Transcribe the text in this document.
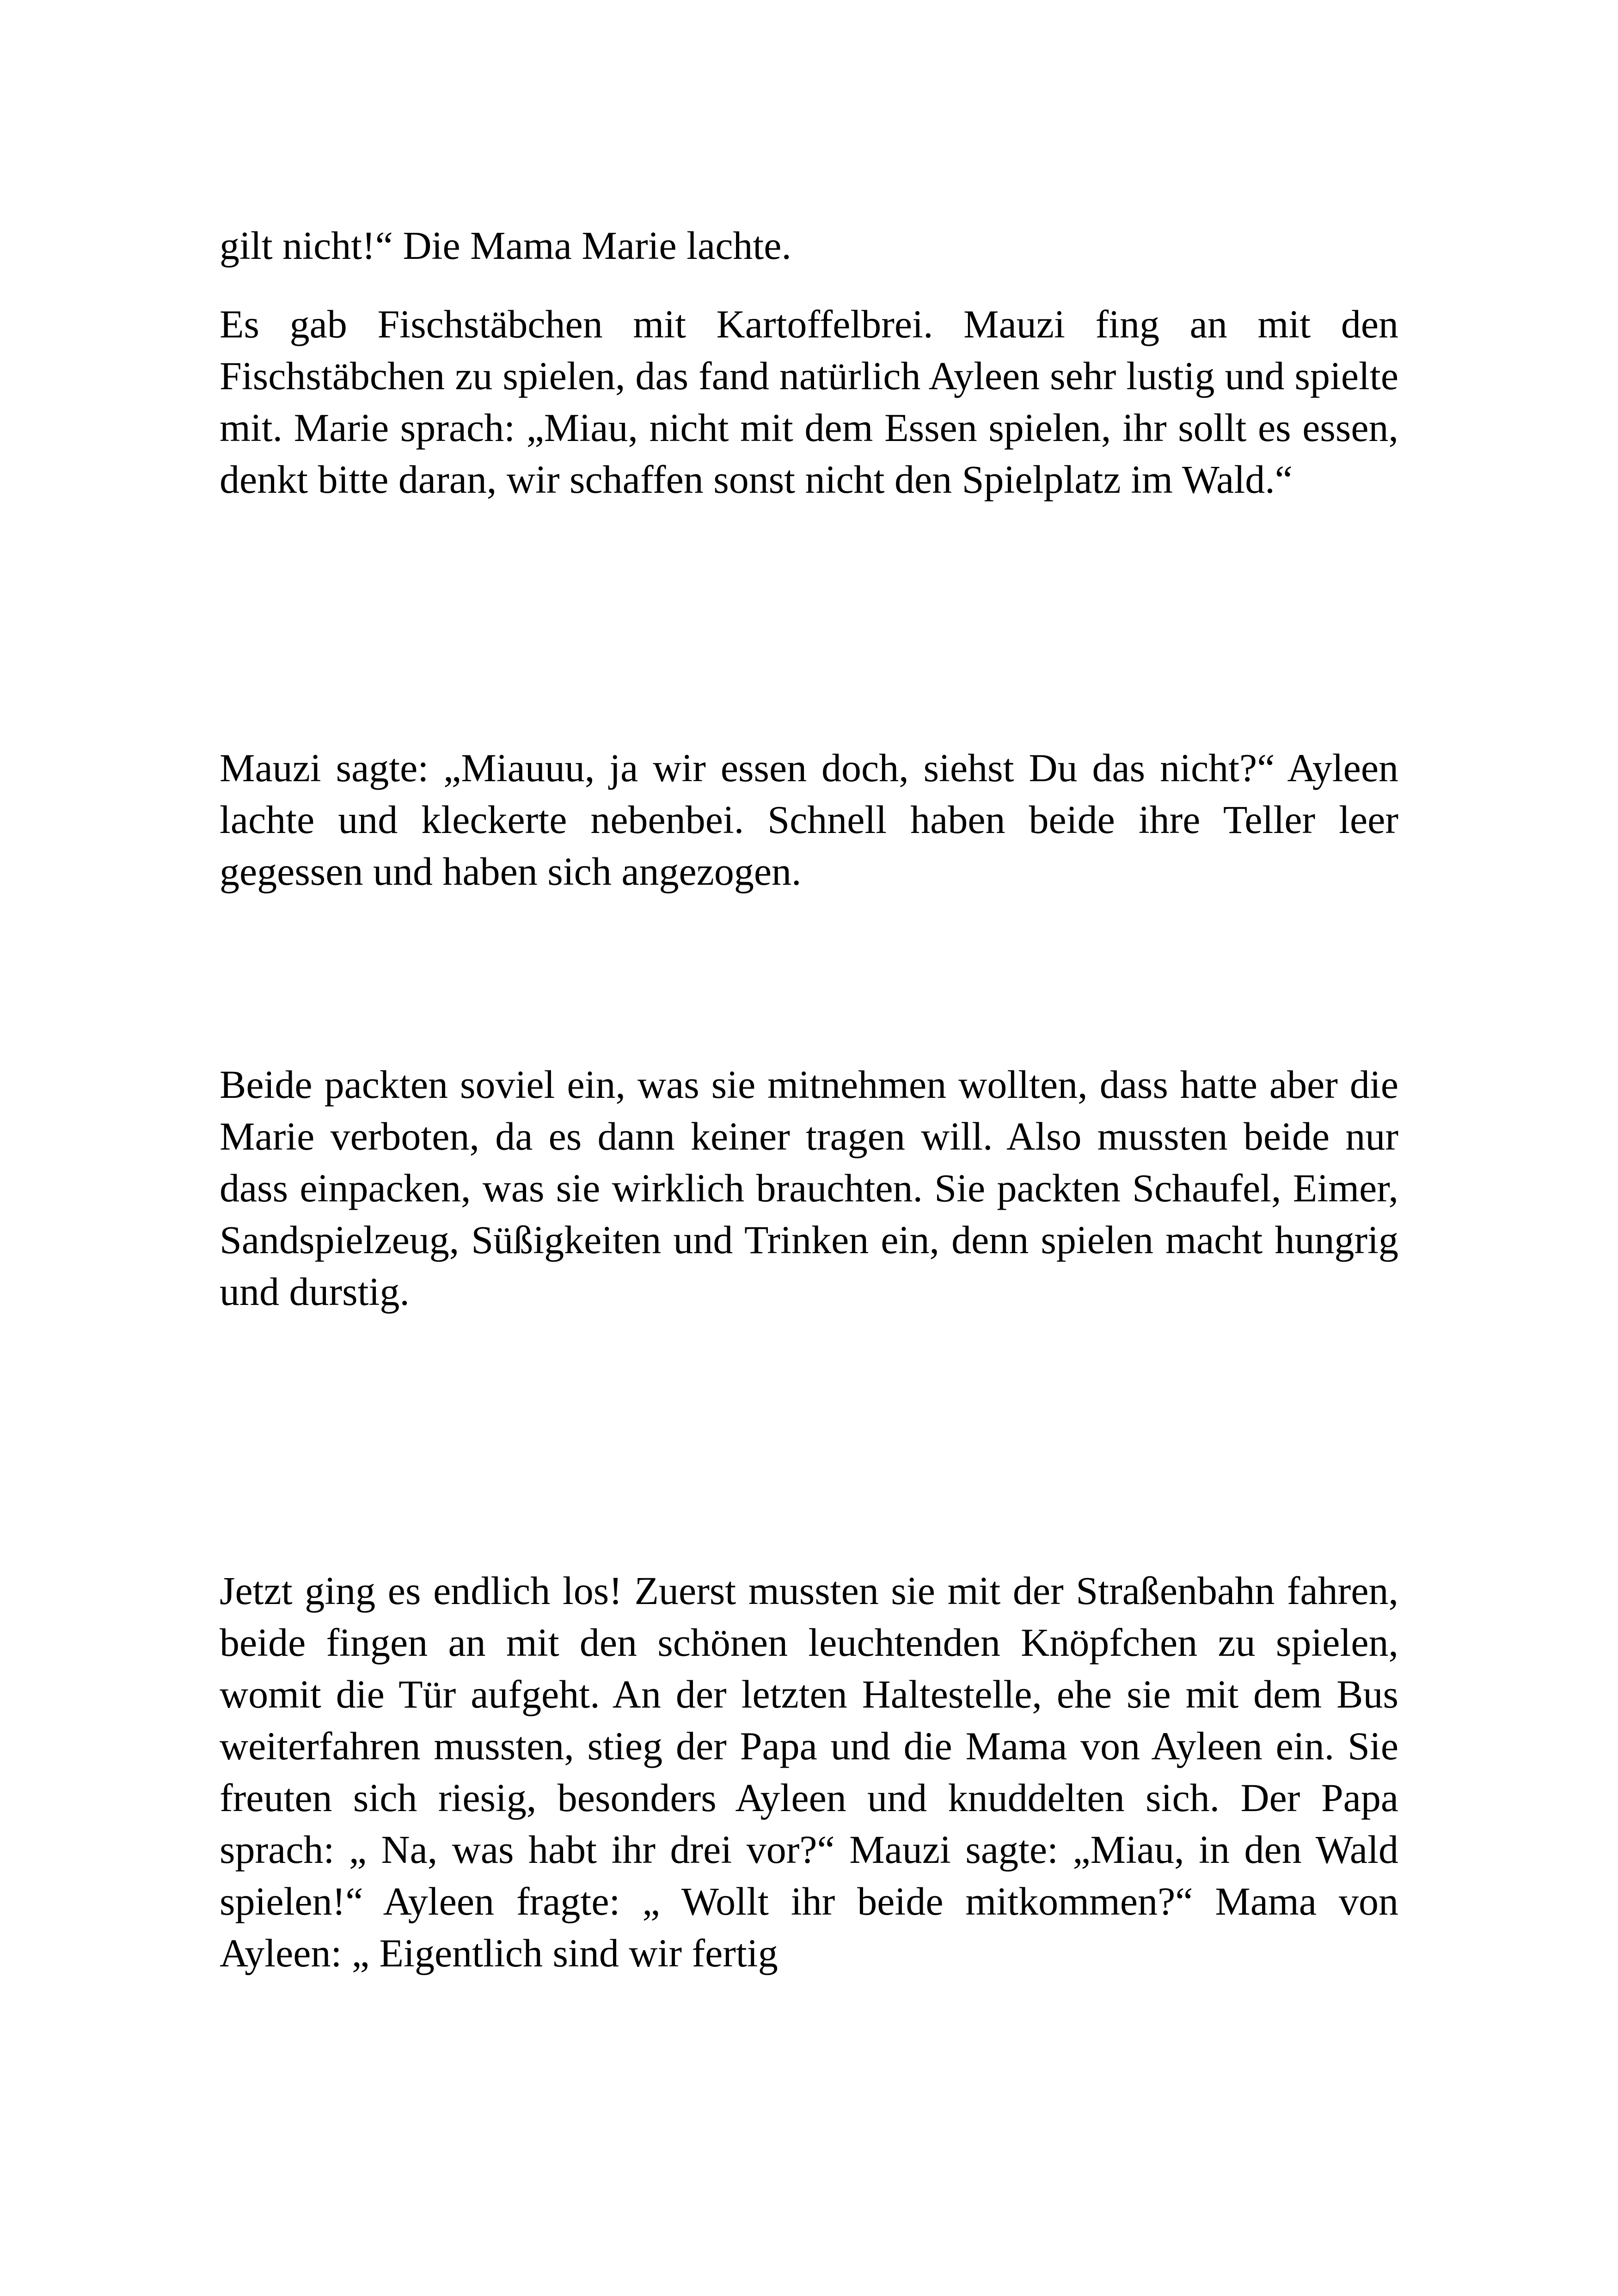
gilt nicht!“ Die Mama Marie lachte.

Es gab Fischstäbchen mit Kartoffelbrei. Mauzi fing an mit den Fischstäbchen zu spielen, das fand natürlich Ayleen sehr lustig und spielte mit. Marie sprach: „Miau, nicht mit dem Essen spielen, ihr sollt es essen, denkt bitte daran, wir schaffen sonst nicht den Spielplatz im Wald.“

Mauzi sagte: „Miauuu, ja wir essen doch, siehst Du das nicht?“ Ayleen lachte und kleckerte nebenbei. Schnell haben beide ihre Teller leer gegessen und haben sich angezogen.

Beide packten soviel ein, was sie mitnehmen wollten, dass hatte aber die Marie verboten, da es dann keiner tragen will. Also mussten beide nur dass einpacken, was sie wirklich brauchten. Sie packten Schaufel, Eimer, Sandspielzeug, Süßigkeiten und Trinken ein, denn spielen macht hungrig und durstig.

Jetzt ging es endlich los! Zuerst mussten sie mit der Straßenbahn fahren, beide fingen an mit den schönen leuchtenden Knöpfchen zu spielen, womit die Tür aufgeht. An der letzten Haltestelle, ehe sie mit dem Bus weiterfahren mussten, stieg der Papa und die Mama von Ayleen ein. Sie freuten sich riesig, besonders Ayleen und knuddelten sich. Der Papa sprach: „ Na, was habt ihr drei vor?“ Mauzi sagte: „Miau, in den Wald spielen!“ Ayleen fragte: „ Wollt ihr beide mitkommen?“ Mama von Ayleen: „ Eigentlich sind wir fertig
